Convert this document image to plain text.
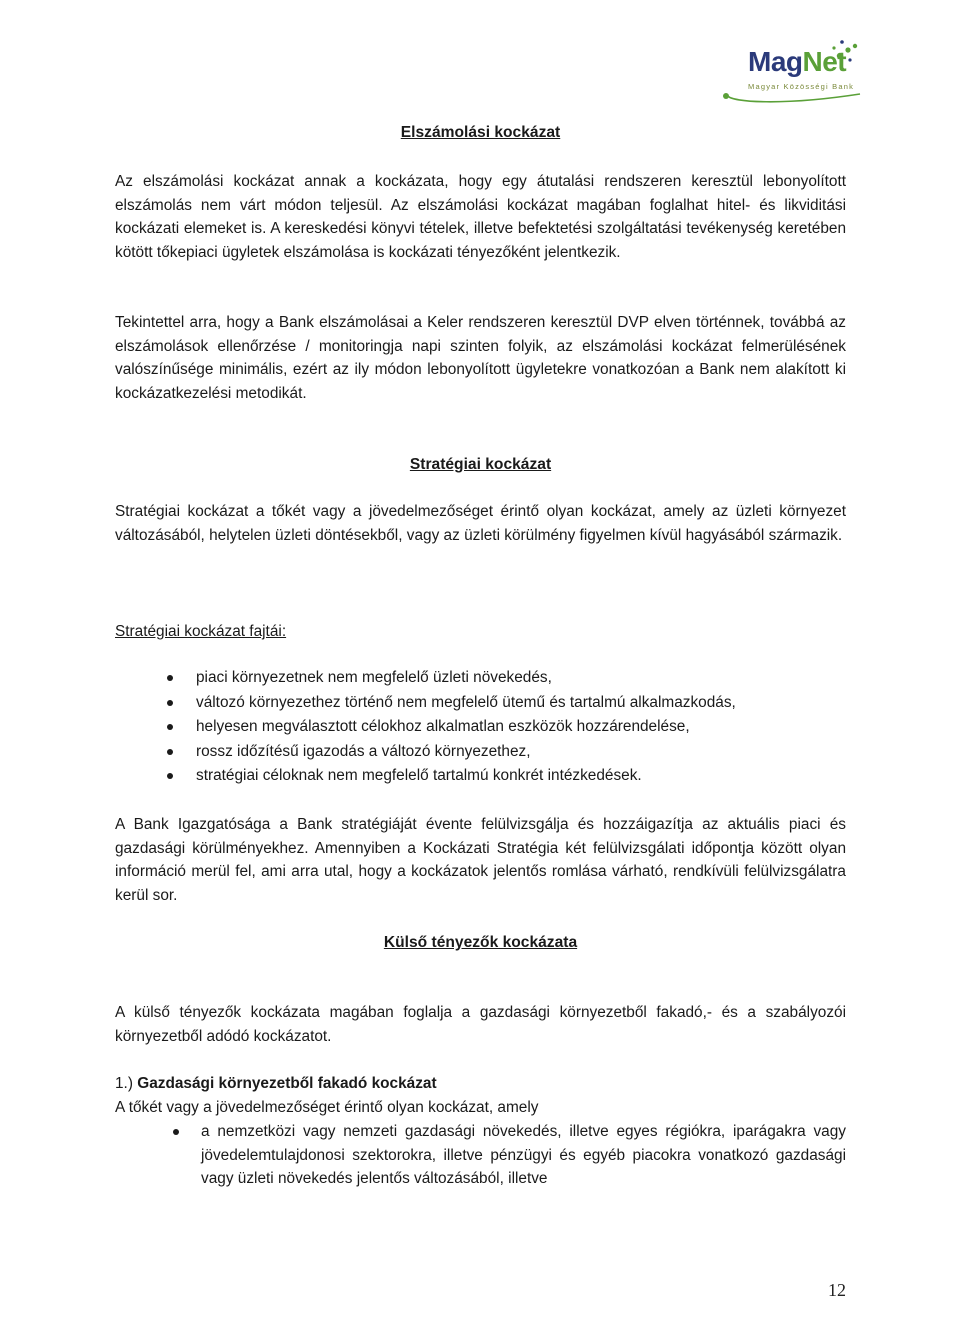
MagNet
Magyar Közösségi Bank
Elszámolási kockázat

Az elszámolási kockázat annak a kockázata, hogy egy átutalási rendszeren keresztül lebonyolított elszámolás nem várt módon teljesül. Az elszámolási kockázat magában foglalhat hitel- és likviditási kockázati elemeket is. A kereskedési könyvi tételek, illetve befektetési szolgáltatási tevékenység keretében kötött tőkepiaci ügyletek elszámolása is kockázati tényezőként jelentkezik.

Tekintettel arra, hogy a Bank elszámolásai a Keler rendszeren keresztül DVP elven történnek, továbbá az elszámolások ellenőrzése / monitoringja napi szinten folyik, az elszámolási kockázat felmerülésének valószínűsége minimális, ezért az ily módon lebonyolított ügyletekre vonatkozóan a Bank nem alakított ki kockázatkezelési metodikát.

Stratégiai kockázat

Stratégiai kockázat a tőkét vagy a jövedelmezőséget érintő olyan kockázat, amely az üzleti környezet változásából, helytelen üzleti döntésekből, vagy az üzleti körülmény figyelmen kívül hagyásából származik.

Stratégiai kockázat fajtái:
piaci környezetnek nem megfelelő üzleti növekedés,
változó környezethez történő nem megfelelő ütemű és tartalmú alkalmazkodás,
helyesen megválasztott célokhoz alkalmatlan eszközök hozzárendelése,
rossz időzítésű igazodás a változó környezethez,
stratégiai céloknak nem megfelelő tartalmú konkrét intézkedések.

A Bank Igazgatósága a Bank stratégiáját évente felülvizsgálja és hozzáigazítja az aktuális piaci és gazdasági körülményekhez. Amennyiben a Kockázati Stratégia két felülvizsgálati időpontja között olyan információ merül fel, ami arra utal, hogy a kockázatok jelentős romlása várható, rendkívüli felülvizsgálatra kerül sor.

Külső tényezők kockázata

A külső tényezők kockázata magában foglalja a gazdasági környezetből fakadó,- és a szabályozói környezetből adódó kockázatot.

1.) Gazdasági környezetből fakadó kockázat
A tőkét vagy a jövedelmezőséget érintő olyan kockázat, amely

a nemzetközi vagy nemzeti gazdasági növekedés, illetve egyes régiókra, iparágakra vagy jövedelemtulajdonosi szektorokra, illetve pénzügyi és egyéb piacokra vonatkozó gazdasági vagy üzleti növekedés jelentős változásából, illetve

12
